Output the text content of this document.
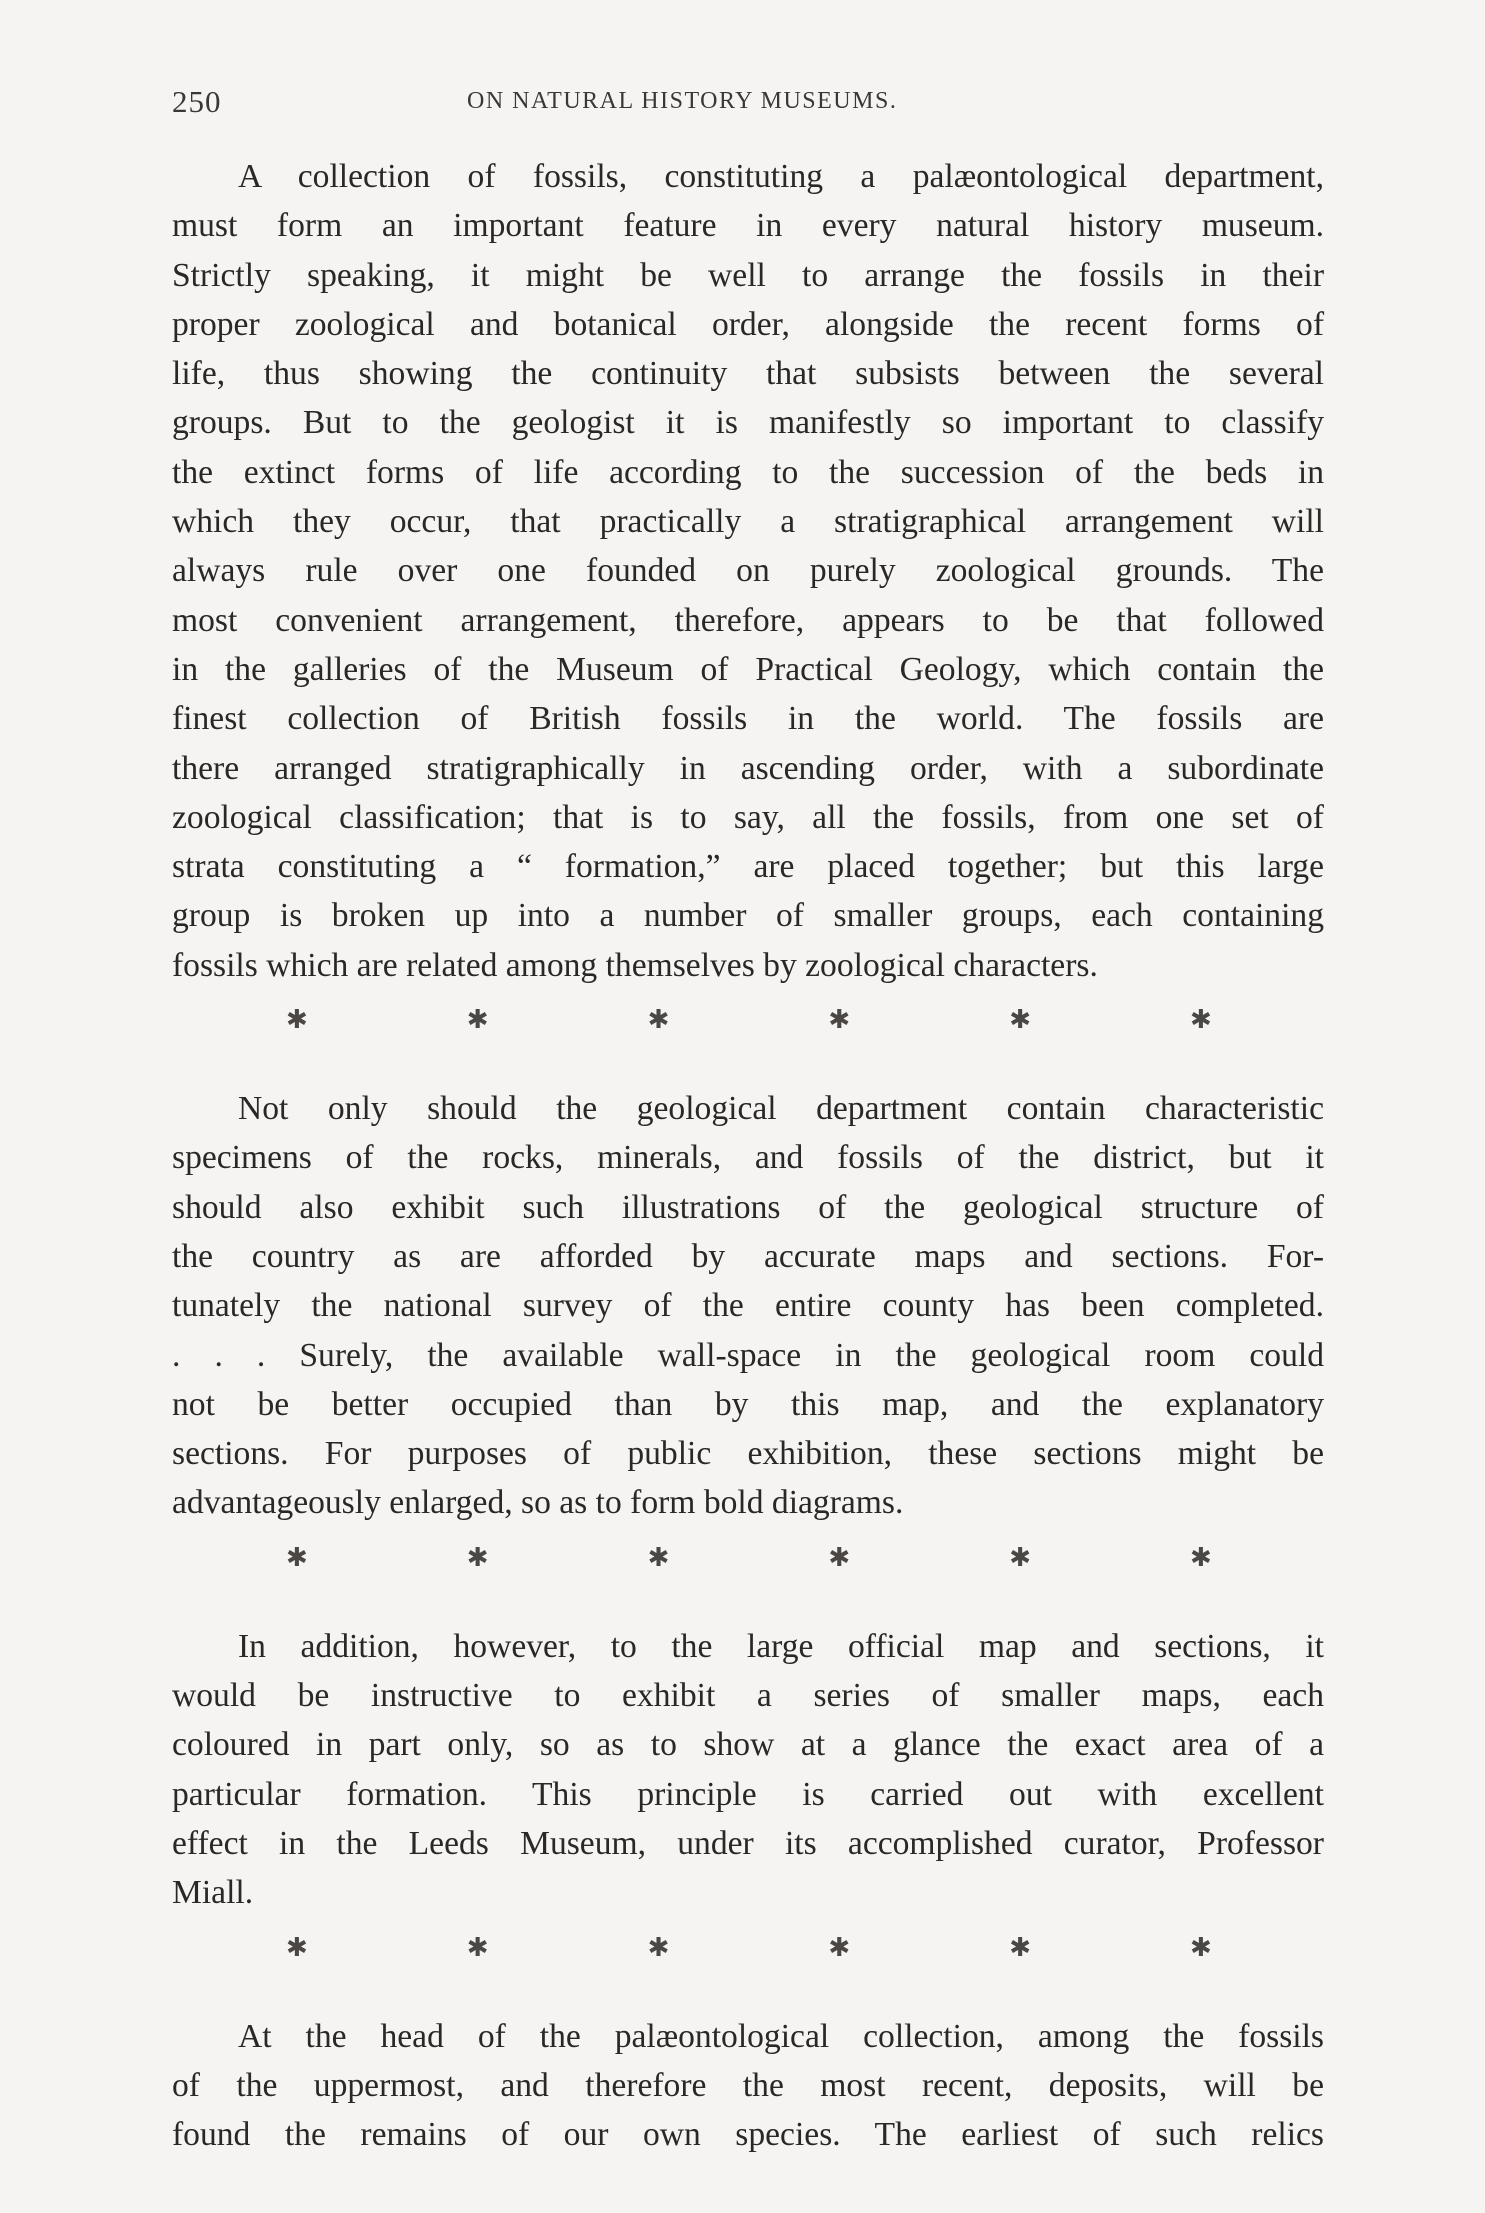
250	ON NATURAL HISTORY MUSEUMS.
A collection of fossils, constituting a palæontological department,
must form an important feature in every natural history museum.
Strictly speaking, it might be well to arrange the fossils in their
proper zoological and botanical order, alongside the recent forms of
life, thus showing the continuity that subsists between the several
groups. But to the geologist it is manifestly so important to classify
the extinct forms of life according to the succession of the beds in
which they occur, that practically a stratigraphical arrangement will
always rule over one founded on purely zoological grounds. The
most convenient arrangement, therefore, appears to be that followed
in the galleries of the Museum of Practical Geology, which contain the
finest collection of British fossils in the world. The fossils are
there arranged stratigraphically in ascending order, with a subordinate
zoological classification; that is to say, all the fossils, from one set of
strata constituting a “ formation,” are placed together; but this large
group is broken up into a number of smaller groups, each containing
fossils which are related among themselves by zoological characters.
✱	✱	✱	✱	✱	✱
Not only should the geological department contain characteristic
specimens of the rocks, minerals, and fossils of the district, but it
should also exhibit such illustrations of the geological structure of
the country as are afforded by accurate maps and sections. For-
tunately the national survey of the entire county has been completed.
. . . Surely, the available wall-space in the geological room could
not be better occupied than by this map, and the explanatory
sections. For purposes of public exhibition, these sections might be
advantageously enlarged, so as to form bold diagrams.
✱	✱	✱	✱	✱	✱
In addition, however, to the large official map and sections, it
would be instructive to exhibit a series of smaller maps, each
coloured in part only, so as to show at a glance the exact area of a
particular formation. This principle is carried out with excellent
effect in the Leeds Museum, under its accomplished curator, Professor
Miall.
✱	✱	✱	✱	✱	✱
At the head of the palæontological collection, among the fossils
of the uppermost, and therefore the most recent, deposits, will be
found the remains of our own species. The earliest of such relics
